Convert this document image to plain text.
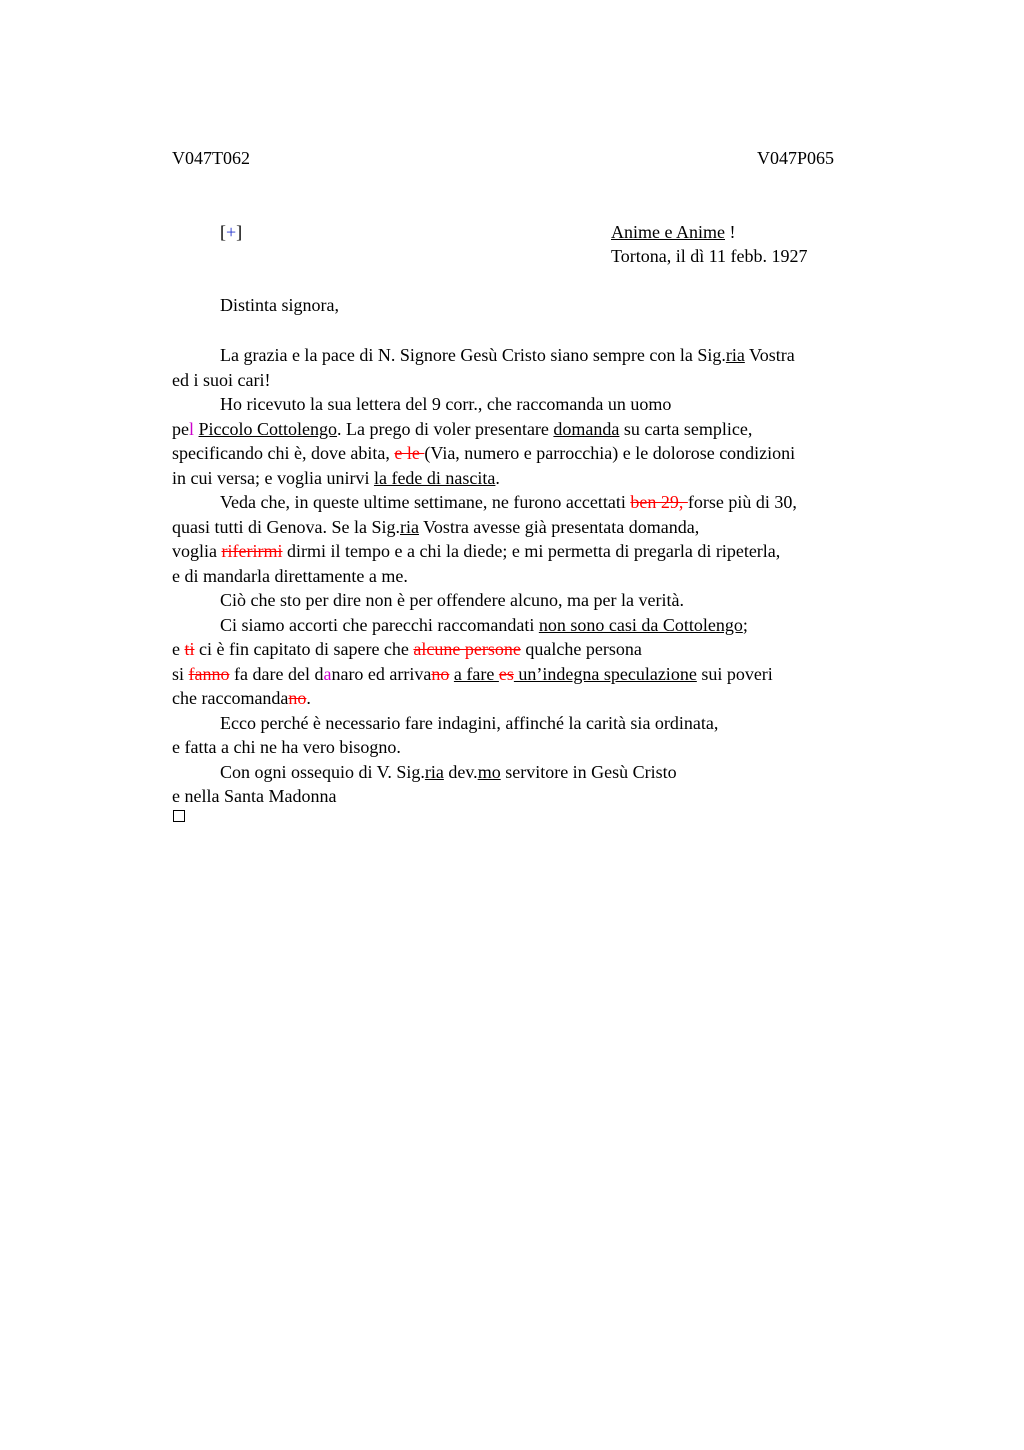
V047T062	V047P065
[+]	Anime e Anime !
Tortona, il dì 11 febb. 1927
Distinta signora,
La grazia e la pace di N. Signore Gesù Cristo siano sempre con la Sig.ria Vostra
ed i suoi cari!
Ho ricevuto la sua lettera del 9 corr., che raccomanda un uomo
pel Piccolo Cottolengo. La prego di voler presentare domanda su carta semplice,
specificando chi è, dove abita, e le (Via, numero e parrocchia) e le dolorose condizioni
in cui versa; e voglia unirvi la fede di nascita.
Veda che, in queste ultime settimane, ne furono accettati ben 29, forse più di 30,
quasi tutti di Genova. Se la Sig.ria Vostra avesse già presentata domanda,
voglia riferirmi dirmi il tempo e a chi la diede; e mi permetta di pregarla di ripeterla,
e di mandarla direttamente a me.
Ciò che sto per dire non è per offendere alcuno, ma per la verità.
Ci siamo accorti che parecchi raccomandati non sono casi da Cottolengo;
e ti ci è fin capitato di sapere che alcune persone qualche persona
si fanno fa dare del danaro ed arrivano a fare es un’indegna speculazione sui poveri
che raccomandano.
Ecco perché è necessario fare indagini, affinché la carità sia ordinata,
e fatta a chi ne ha vero bisogno.
Con ogni ossequio di V. Sig.ria dev.mo servitore in Gesù Cristo
e nella Santa Madonna
